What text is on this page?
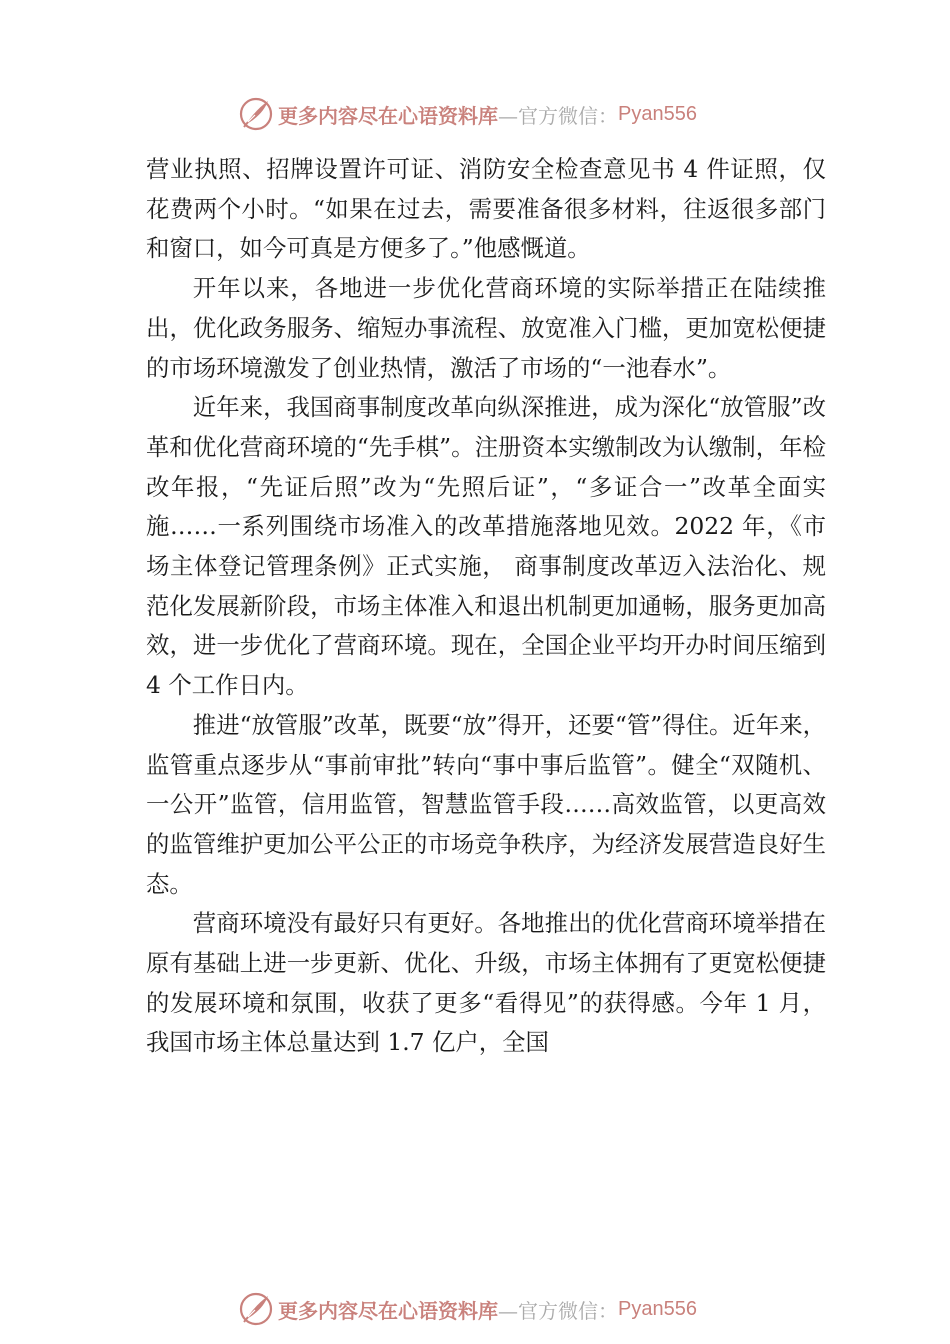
更多内容尽在心语资料库 —官方微信： Pyan556

营业执照、招牌设置许可证、消防安全检查意见书 4 件证照，仅花费两个小时。“如果在过去，需要准备很多材料，往返很多部门和窗口，如今可真是方便多了。”他感慨道。

开年以来，各地进一步优化营商环境的实际举措正在陆续推出，优化政务服务、缩短办事流程、放宽准入门槛，更加宽松便捷的市场环境激发了创业热情，激活了市场的“一池春水”。

近年来，我国商事制度改革向纵深推进，成为深化“放管服”改革和优化营商环境的“先手棋”。注册资本实缴制改为认缴制，年检改年报，“先证后照”改为“先照后证”，“多证合一”改革全面实施……一系列围绕市场准入的改革措施落地见效。2022 年，《市场主体登记管理条例》正式实施， 商事制度改革迈入法治化、规范化发展新阶段，市场主体准入和退出机制更加通畅，服务更加高效，进一步优化了营商环境。现在，全国企业平均开办时间压缩到 4 个工作日内。

推进“放管服”改革，既要“放”得开，还要“管”得住。近年来，监管重点逐步从“事前审批”转向“事中事后监管”。健全“双随机、一公开”监管，信用监管，智慧监管手段……高效监管，以更高效的监管维护更加公平公正的市场竞争秩序，为经济发展营造良好生态。

营商环境没有最好只有更好。各地推出的优化营商环境举措在原有基础上进一步更新、优化、升级，市场主体拥有了更宽松便捷的发展环境和氛围，收获了更多“看得见”的获得感。今年 1 月，我国市场主体总量达到 1.7 亿户，全国

更多内容尽在心语资料库 —官方微信： Pyan556
